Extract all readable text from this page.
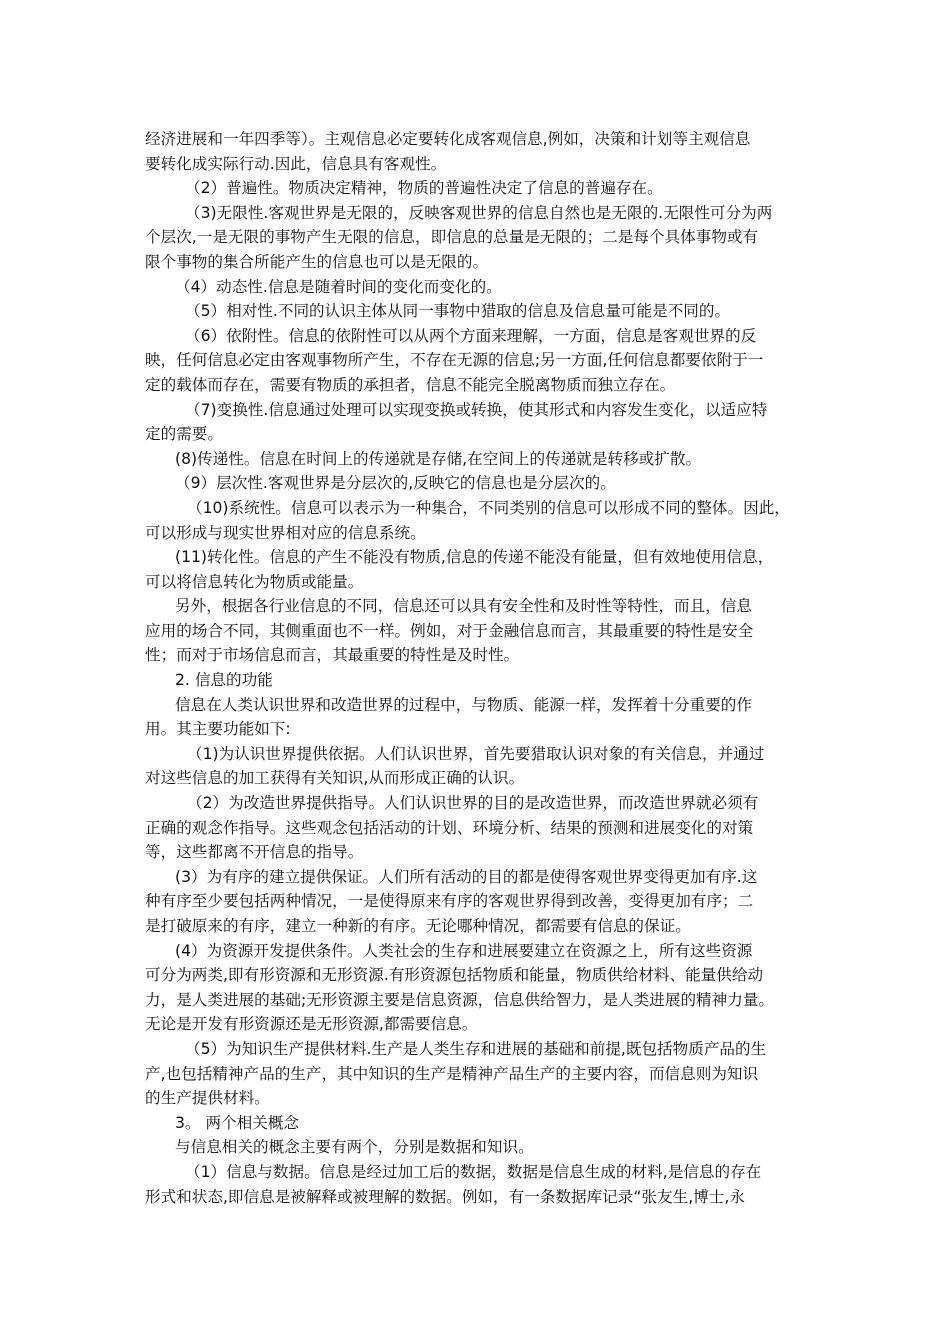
经济进展和一年四季等）。主观信息必定要转化成客观信息,例如，决策和计划等主观信息
要转化成实际行动.因此，信息具有客观性。
（2）普遍性。物质决定精神，物质的普遍性决定了信息的普遍存在。
（3)无限性.客观世界是无限的，反映客观世界的信息自然也是无限的.无限性可分为两
个层次,一是无限的事物产生无限的信息，即信息的总量是无限的；二是每个具体事物或有
限个事物的集合所能产生的信息也可以是无限的。
（4）动态性.信息是随着时间的变化而变化的。
（5）相对性.不同的认识主体从同一事物中猎取的信息及信息量可能是不同的。
（6）依附性。信息的依附性可以从两个方面来理解，一方面，信息是客观世界的反
映，任何信息必定由客观事物所产生，不存在无源的信息;另一方面,任何信息都要依附于一
定的载体而存在，需要有物质的承担者，信息不能完全脱离物质而独立存在。
（7)变换性.信息通过处理可以实现变换或转换，使其形式和内容发生变化，以适应特
定的需要。
(8)传递性。信息在时间上的传递就是存储,在空间上的传递就是转移或扩散。
（9）层次性.客观世界是分层次的,反映它的信息也是分层次的。
（10)系统性。信息可以表示为一种集合，不同类别的信息可以形成不同的整体。因此，
可以形成与现实世界相对应的信息系统。
(11)转化性。信息的产生不能没有物质,信息的传递不能没有能量，但有效地使用信息，
可以将信息转化为物质或能量。
另外，根据各行业信息的不同，信息还可以具有安全性和及时性等特性，而且，信息
应用的场合不同，其侧重面也不一样。例如，对于金融信息而言，其最重要的特性是安全
性；而对于市场信息而言，其最重要的特性是及时性。
2. 信息的功能
信息在人类认识世界和改造世界的过程中，与物质、能源一样，发挥着十分重要的作
用。其主要功能如下:
（1)为认识世界提供依据。人们认识世界，首先要猎取认识对象的有关信息，并通过
对这些信息的加工获得有关知识,从而形成正确的认识。
（2）为改造世界提供指导。人们认识世界的目的是改造世界，而改造世界就必须有
正确的观念作指导。这些观念包括活动的计划、环境分析、结果的预测和进展变化的对策
等，这些都离不开信息的指导。
(3）为有序的建立提供保证。人们所有活动的目的都是使得客观世界变得更加有序.这
种有序至少要包括两种情况，一是使得原来有序的客观世界得到改善，变得更加有序；二
是打破原来的有序，建立一种新的有序。无论哪种情况，都需要有信息的保证。
(4）为资源开发提供条件。人类社会的生存和进展要建立在资源之上，所有这些资源
可分为两类,即有形资源和无形资源.有形资源包括物质和能量，物质供给材料、能量供给动
力，是人类进展的基础;无形资源主要是信息资源，信息供给智力，是人类进展的精神力量。
无论是开发有形资源还是无形资源,都需要信息。
（5）为知识生产提供材料.生产是人类生存和进展的基础和前提,既包括物质产品的生
产,也包括精神产品的生产，其中知识的生产是精神产品生产的主要内容，而信息则为知识
的生产提供材料。
3。 两个相关概念
与信息相关的概念主要有两个，分别是数据和知识。
（1）信息与数据。信息是经过加工后的数据，数据是信息生成的材料,是信息的存在
形式和状态,即信息是被解释或被理解的数据。例如，有一条数据库记录“张友生,博士,永
